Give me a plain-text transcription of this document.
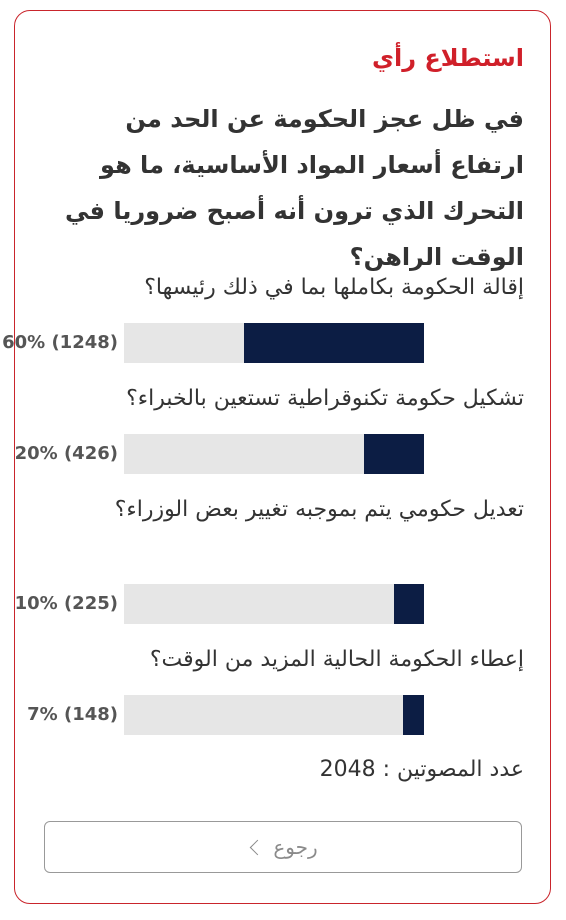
استطلاع رأي
في ظل عجز الحكومة عن الحد من ارتفاع أسعار المواد الأساسية، ما هو التحرك الذي ترون أنه أصبح ضروريا في الوقت الراهن؟
إقالة الحكومة بكاملها بما في ذلك رئيسها؟
60% (1248)
تشكيل حكومة تكنوقراطية تستعين بالخبراء؟
20% (426)
تعديل حكومي يتم بموجبه تغيير بعض الوزراء؟
10% (225)
إعطاء الحكومة الحالية المزيد من الوقت؟
7% (148)
عدد المصوتين : 2048
رجوع
